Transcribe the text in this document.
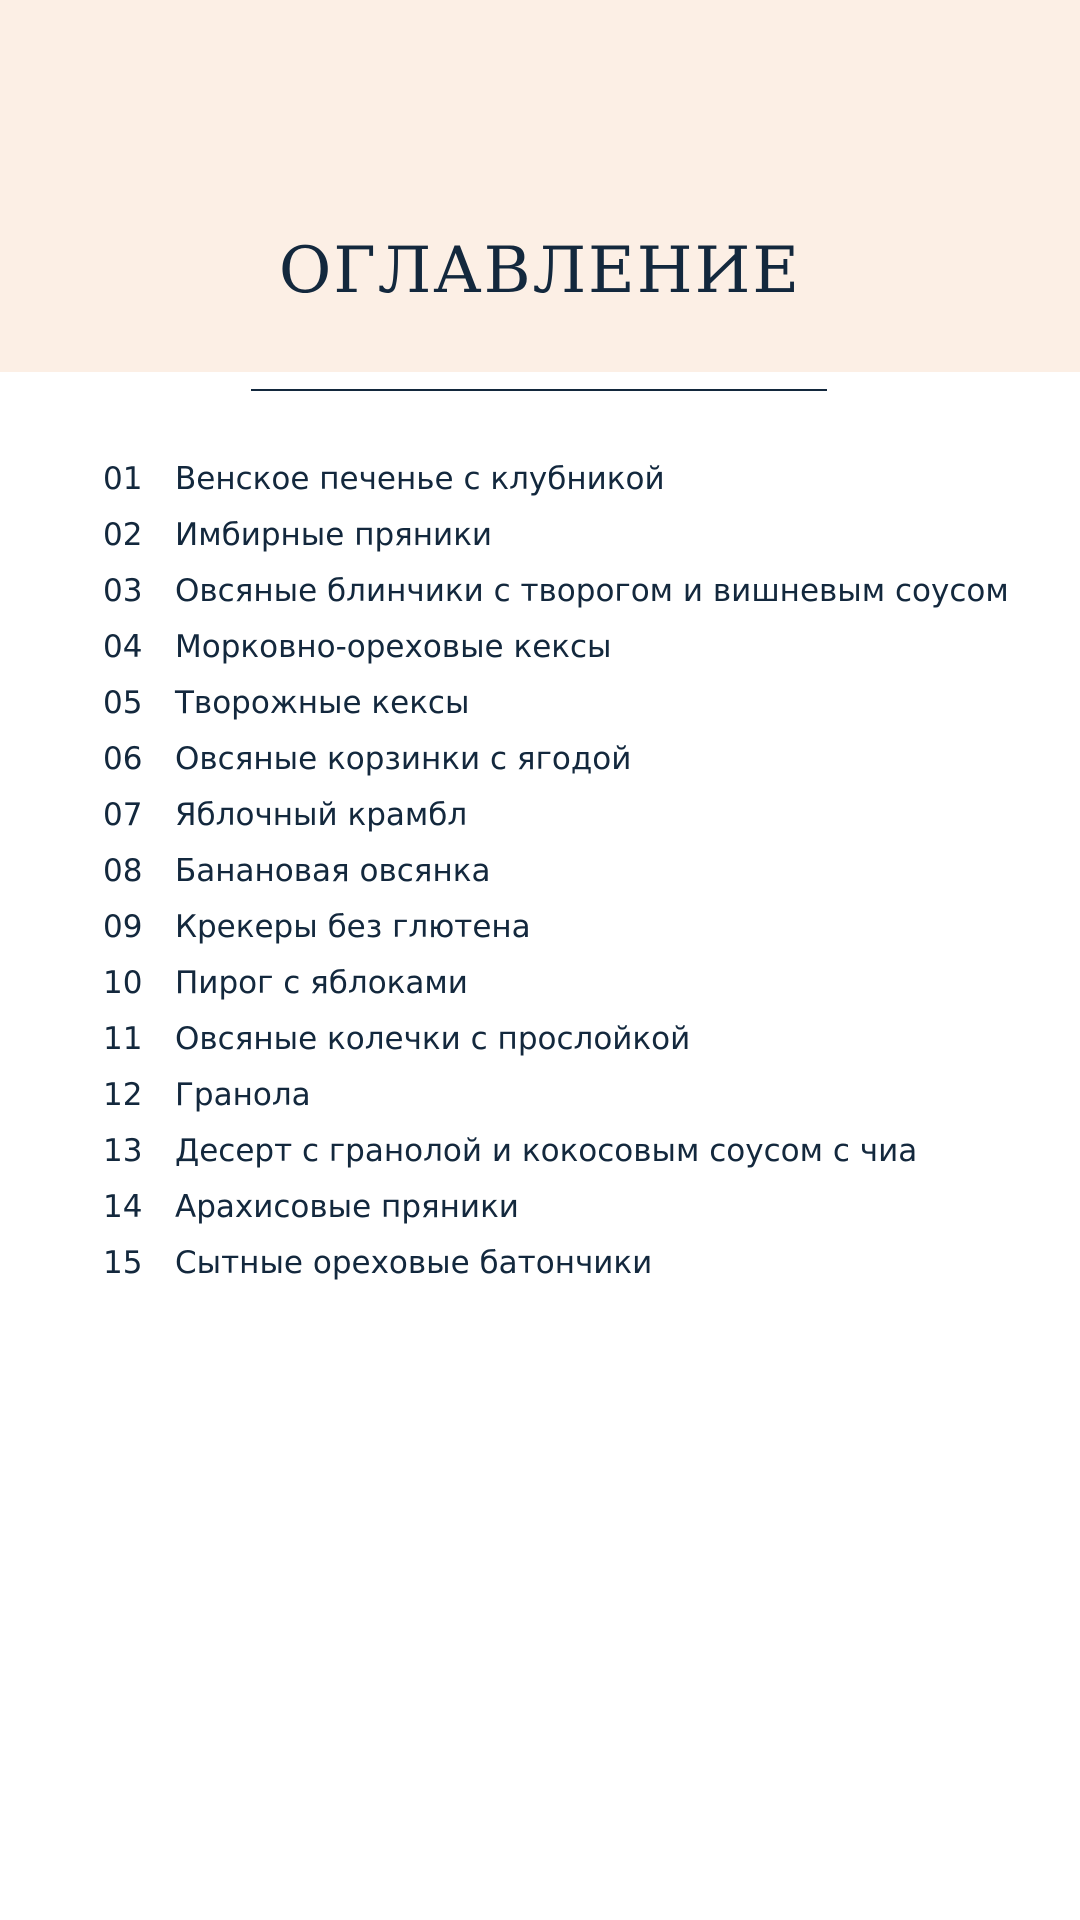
ОГЛАВЛЕНИЕ
01 Венское печенье с клубникой
02 Имбирные пряники
03 Овсяные блинчики с творогом и вишневым соусом
04 Морковно-ореховые кексы
05 Творожные кексы
06 Овсяные корзинки с ягодой
07 Яблочный крамбл
08 Банановая овсянка
09 Крекеры без глютена
10 Пирог с яблоками
11 Овсяные колечки с прослойкой
12 Гранола
13 Десерт с гранолой и кокосовым соусом с чиа
14 Арахисовые пряники
15 Сытные ореховые батончики
